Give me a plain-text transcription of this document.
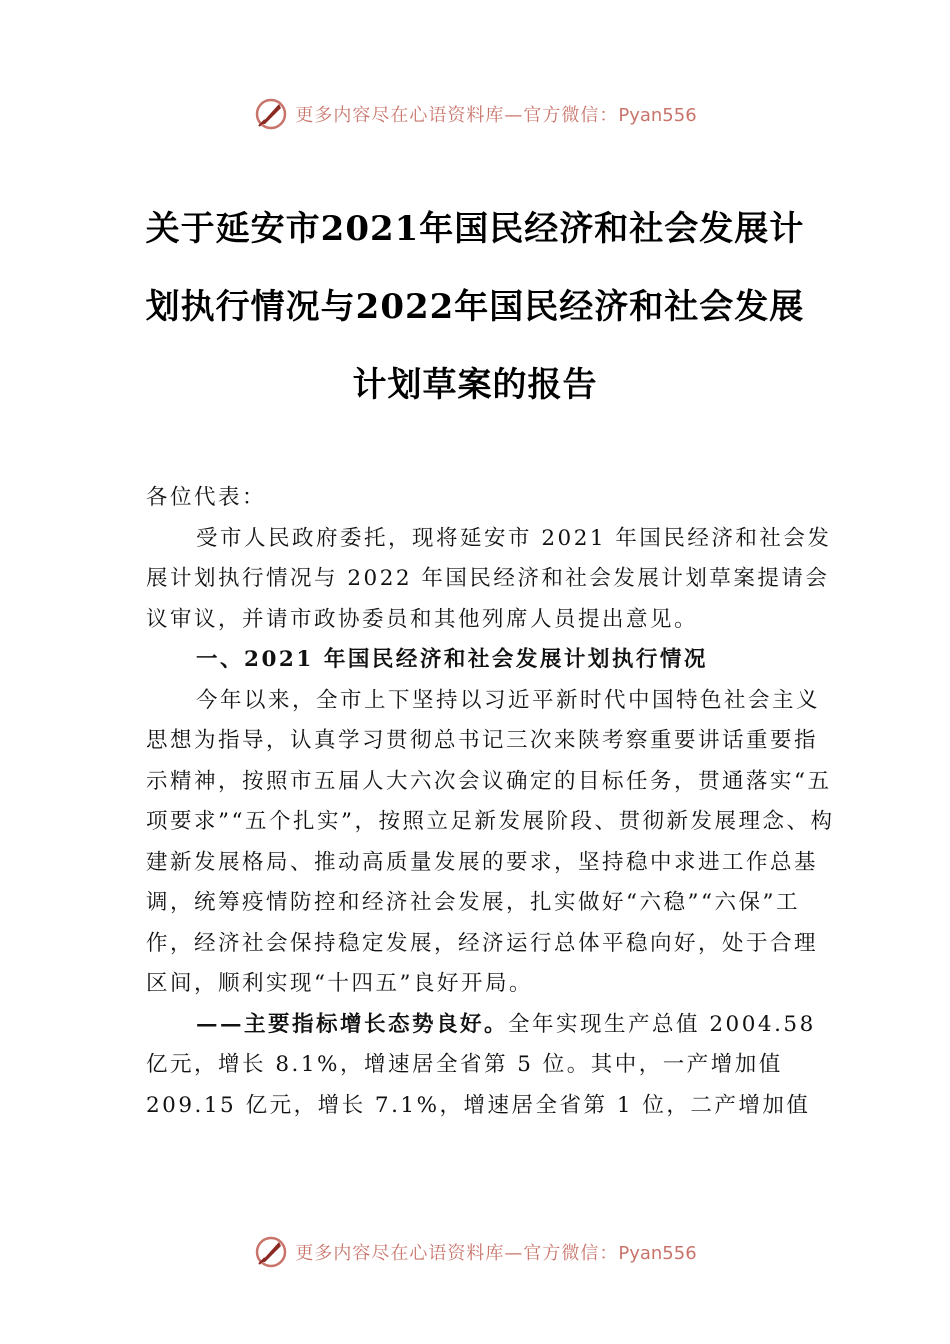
更多内容尽在心语资料库—官方微信：Pyan556
关于延安市2021年国民经济和社会发展计
划执行情况与2022年国民经济和社会发展
计划草案的报告

各位代表：

受市人民政府委托，现将延安市 2021 年国民经济和社会发展计划执行情况与 2022 年国民经济和社会发展计划草案提请会议审议，并请市政协委员和其他列席人员提出意见。

一、2021 年国民经济和社会发展计划执行情况

今年以来，全市上下坚持以习近平新时代中国特色社会主义思想为指导，认真学习贯彻总书记三次来陕考察重要讲话重要指示精神，按照市五届人大六次会议确定的目标任务，贯通落实“五项要求”“五个扎实”，按照立足新发展阶段、贯彻新发展理念、构建新发展格局、推动高质量发展的要求，坚持稳中求进工作总基调，统筹疫情防控和经济社会发展，扎实做好“六稳”“六保”工作，经济社会保持稳定发展，经济运行总体平稳向好，处于合理区间，顺利实现“十四五”良好开局。

——主要指标增长态势良好。全年实现生产总值 2004.58 亿元，增长 8.1%，增速居全省第 5 位。其中，一产增加值 209.15 亿元，增长 7.1%，增速居全省第 1 位，二产增加值

更多内容尽在心语资料库—官方微信：Pyan556
